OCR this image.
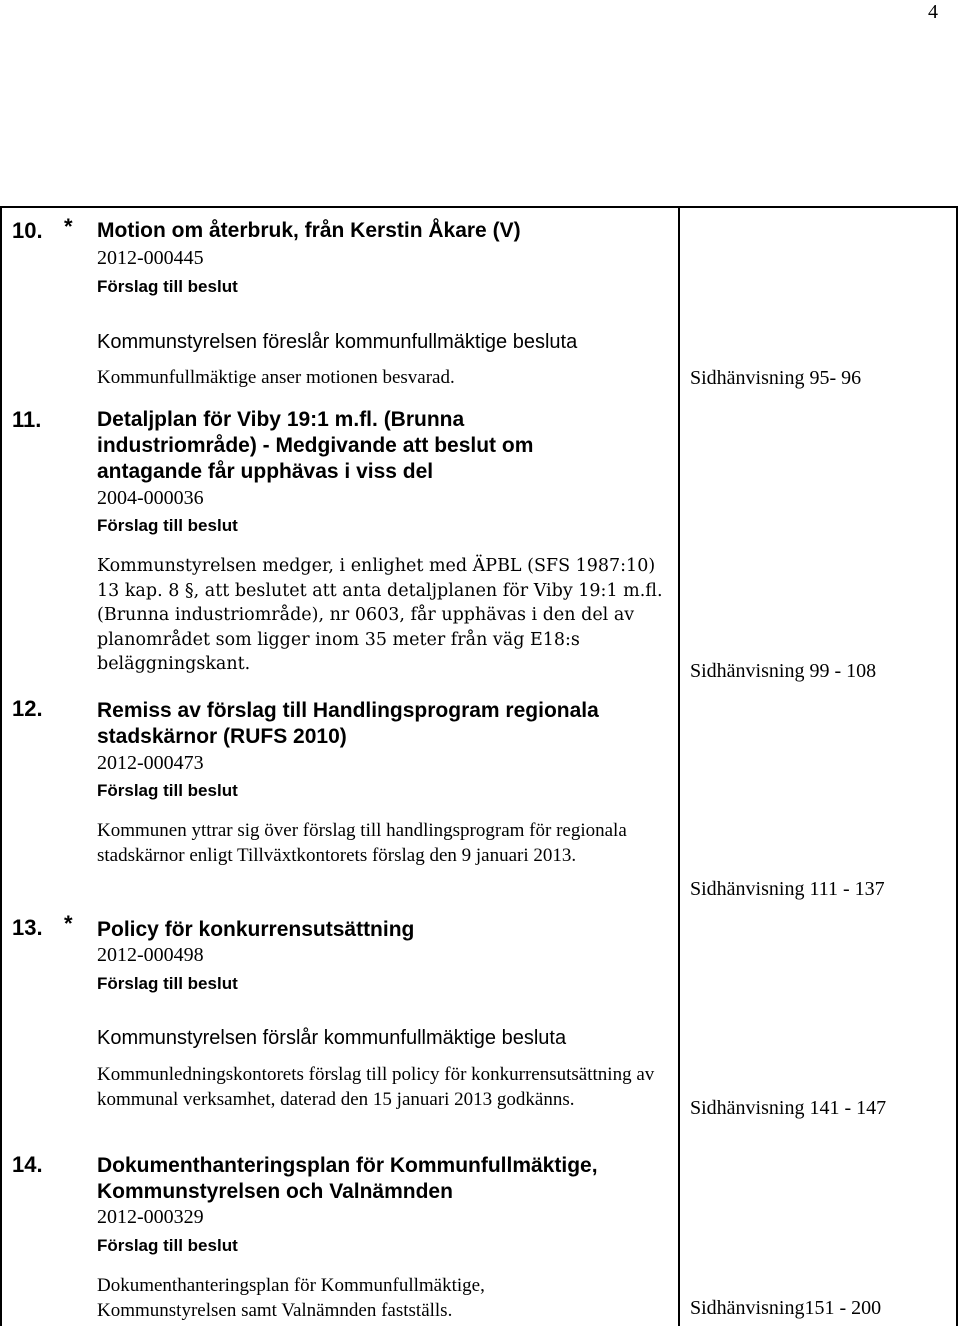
4
10. * Motion om återbruk, från Kerstin Åkare (V)
2012-000445
Förslag till beslut
Kommunstyrelsen föreslår kommunfullmäktige besluta
Kommunfullmäktige anser motionen besvarad.	Sidhänvisning 95- 96
11.	Detaljplan för Viby 19:1 m.fl. (Brunna industriområde) - Medgivande att beslut om antagande får upphävas i viss del
2004-000036
Förslag till beslut
Kommunstyrelsen medger, i enlighet med ÄPBL (SFS 1987:10) 13 kap. 8 §, att beslutet att anta detaljplanen för Viby 19:1 m.fl. (Brunna industriområde), nr 0603, får upphävas i den del av planområdet som ligger inom 35 meter från väg E18:s beläggningskant.	Sidhänvisning 99 - 108
12.	Remiss av förslag till Handlingsprogram regionala stadskärnor (RUFS 2010)
2012-000473
Förslag till beslut
Kommunen yttrar sig över förslag till handlingsprogram för regionala stadskärnor enligt Tillväxtkontorets förslag den 9 januari 2013.
Sidhänvisning 111 - 137
13. * Policy för konkurrensutsättning
2012-000498
Förslag till beslut
Kommunstyrelsen förslår kommunfullmäktige besluta
Kommunledningskontorets förslag till policy för konkurrensutsättning av kommunal verksamhet, daterad den 15 januari 2013 godkänns.	Sidhänvisning 141 - 147
14.	Dokumenthanteringsplan för Kommunfullmäktige, Kommunstyrelsen och Valnämnden
2012-000329
Förslag till beslut
Dokumenthanteringsplan för Kommunfullmäktige, Kommunstyrelsen samt Valnämnden fastställs.	Sidhänvisning151 - 200
